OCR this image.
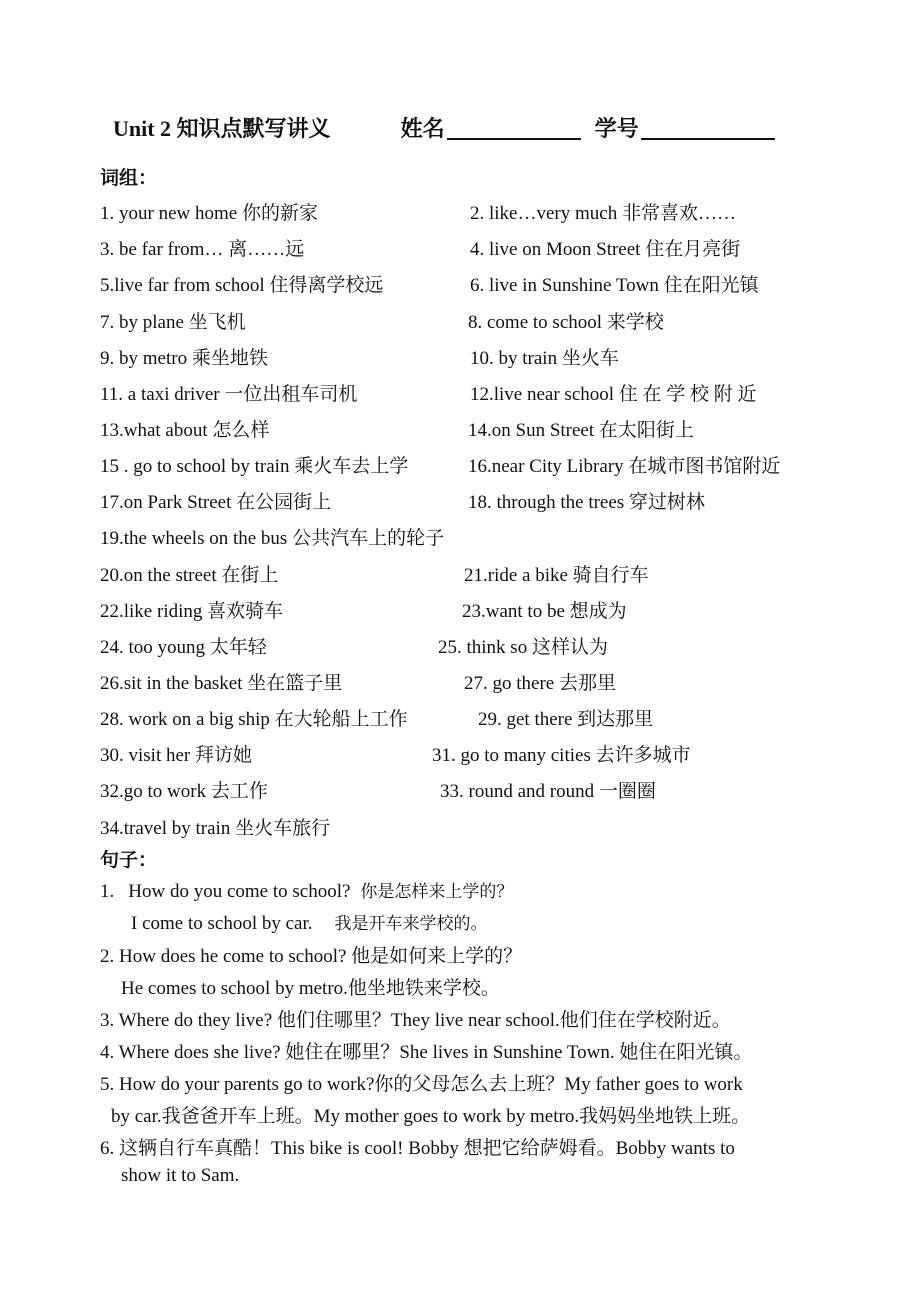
Unit 2 知识点默写讲义	姓名	学号
词组：
1. your new home 你的新家	2. like…very much 非常喜欢……
3. be far from… 离……远	4. live on Moon Street 住在月亮街
5.live far from school 住得离学校远	6. live in Sunshine Town 住在阳光镇
7. by plane 坐飞机	8. come to school 来学校
9. by metro 乘坐地铁	10. by train 坐火车
11. a taxi driver 一位出租车司机	12.live near school 住 在 学 校 附 近
13.what about 怎么样	14.on Sun Street 在太阳街上
15 . go to school by train 乘火车去上学	16.near City Library 在城市图书馆附近
17.on Park Street 在公园街上	18. through the trees 穿过树林
19.the wheels on the bus 公共汽车上的轮子
20.on the street 在街上	21.ride a bike 骑自行车
22.like riding 喜欢骑车	23.want to be 想成为
24. too young 太年轻	25. think so 这样认为
26.sit in the basket 坐在篮子里	27. go there 去那里
28. work on a big ship 在大轮船上工作	29. get there 到达那里
30. visit her 拜访她	31. go to many cities 去许多城市
32.go to work 去工作	33. round and round 一圈圈
34.travel by train 坐火车旅行
句子：
1. How do you come to school? 你是怎样来上学的？
I come to school by car. 我是开车来学校的。
2. How does he come to school? 他是如何来上学的？
He comes to school by metro.他坐地铁来学校。
3. Where do they live? 他们住哪里？They live near school.他们住在学校附近。
4. Where does she live? 她住在哪里？She lives in Sunshine Town. 她住在阳光镇。
5. How do your parents go to work?你的父母怎么去上班？My father goes to work
by car.我爸爸开车上班。My mother goes to work by metro.我妈妈坐地铁上班。
6. 这辆自行车真酷！This bike is cool! Bobby 想把它给萨姆看。Bobby wants to
show it to Sam.
